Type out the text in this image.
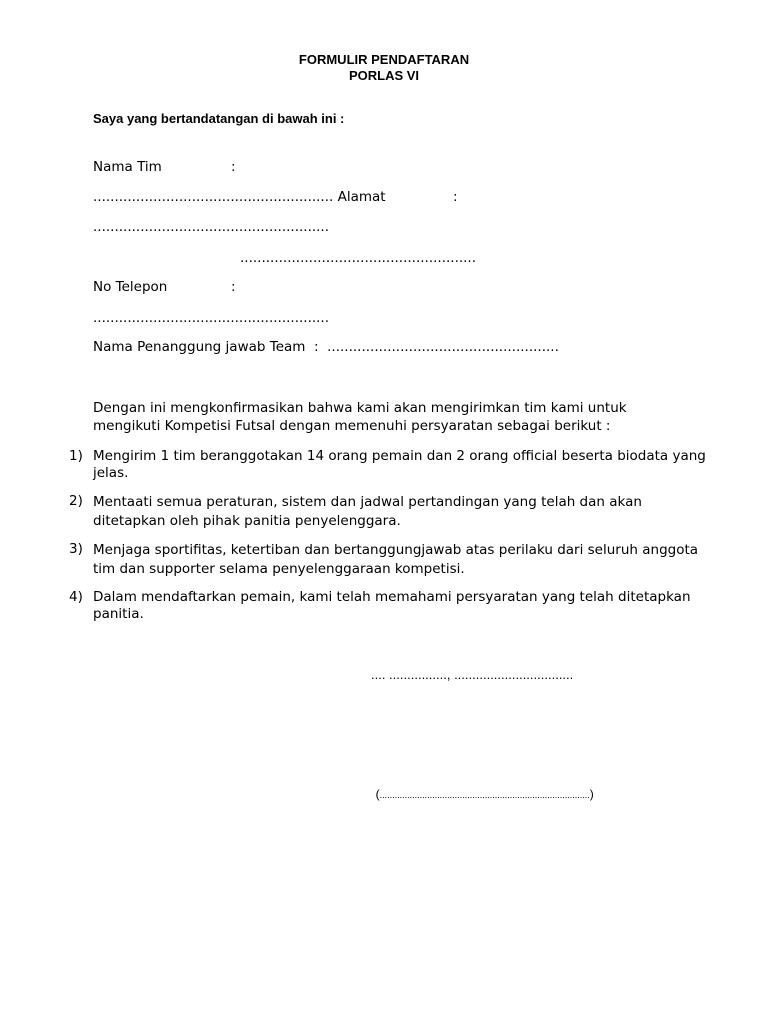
FORMULIR PENDAFTARAN
PORLAS VI
Saya yang bertandatangan di bawah ini :
Nama Tim	:
........................................................ Alamat	:
.......................................................
.......................................................
No Telepon	:
.......................................................
Nama Penanggung jawab Team  :  ......................................................
Dengan ini mengkonfirmasikan bahwa kami akan mengirimkan tim kami untuk mengikuti Kompetisi Futsal dengan memenuhi persyaratan sebagai berikut :
1) Mengirim 1 tim beranggotakan 14 orang pemain dan 2 orang official beserta biodata yang jelas.
2) Mentaati semua peraturan, sistem dan jadwal pertandingan yang telah dan akan ditetapkan oleh pihak panitia penyelenggara.
3) Menjaga sportifitas, ketertiban dan bertanggungjawab atas perilaku dari seluruh anggota tim dan supporter selama penyelenggaraan kompetisi.
4) Dalam mendaftarkan pemain, kami telah memahami persyaratan yang telah ditetapkan panitia.
.... ................, .................................

(....................................................................................)
